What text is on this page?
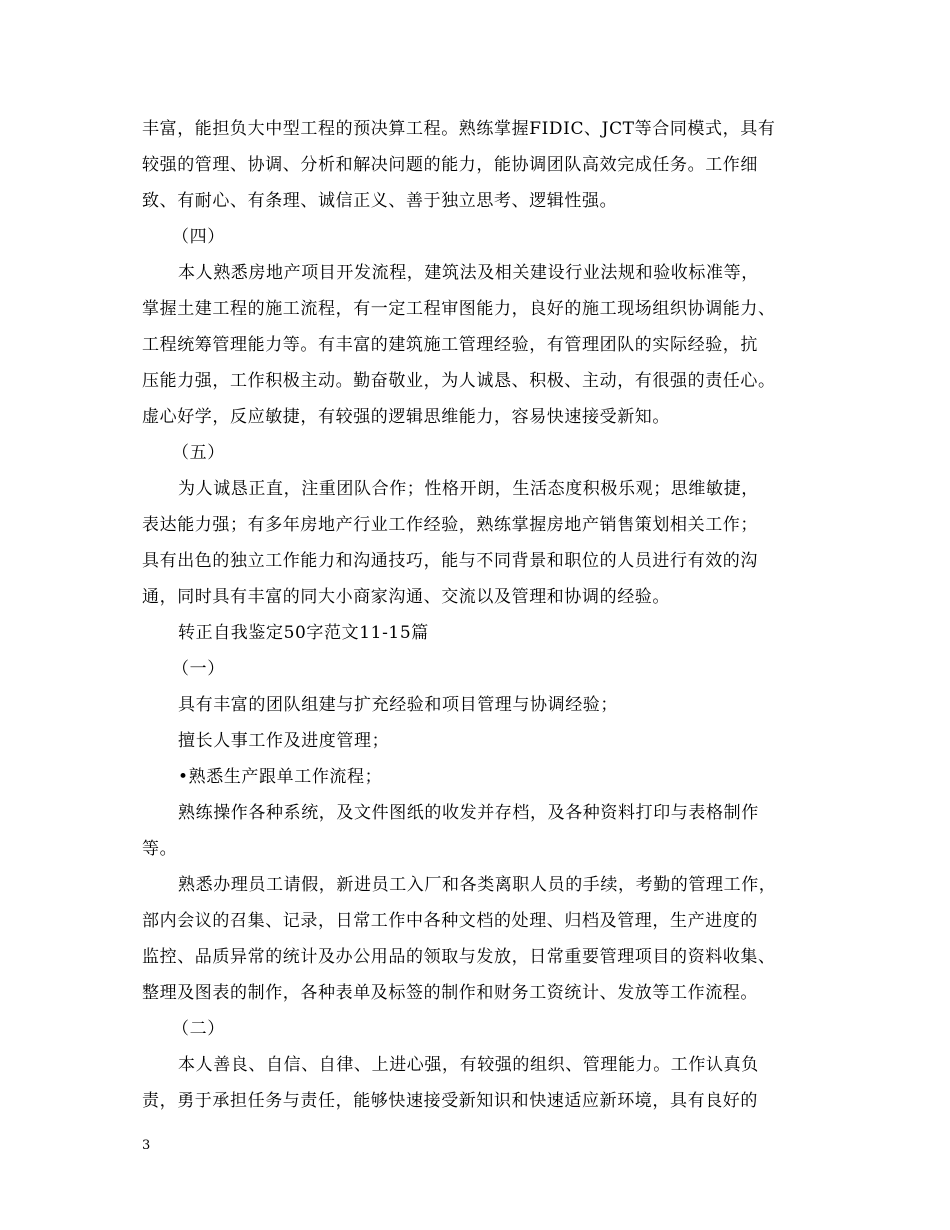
丰富，能担负大中型工程的预决算工程。熟练掌握FIDIC、JCT等合同模式，具有
较强的管理、协调、分析和解决问题的能力，能协调团队高效完成任务。工作细
致、有耐心、有条理、诚信正义、善于独立思考、逻辑性强。
（四）
本人熟悉房地产项目开发流程，建筑法及相关建设行业法规和验收标准等，
掌握土建工程的施工流程，有一定工程审图能力，良好的施工现场组织协调能力、
工程统筹管理能力等。有丰富的建筑施工管理经验，有管理团队的实际经验，抗
压能力强，工作积极主动。勤奋敬业，为人诚恳、积极、主动，有很强的责任心。
虚心好学，反应敏捷，有较强的逻辑思维能力，容易快速接受新知。
（五）
为人诚恳正直，注重团队合作；性格开朗，生活态度积极乐观；思维敏捷，
表达能力强；有多年房地产行业工作经验，熟练掌握房地产销售策划相关工作；
具有出色的独立工作能力和沟通技巧，能与不同背景和职位的人员进行有效的沟
通，同时具有丰富的同大小商家沟通、交流以及管理和协调的经验。
转正自我鉴定50字范文11-15篇
（一）
具有丰富的团队组建与扩充经验和项目管理与协调经验；
擅长人事工作及进度管理；
•熟悉生产跟单工作流程；
熟练操作各种系统，及文件图纸的收发并存档，及各种资料打印与表格制作
等。
熟悉办理员工请假，新进员工入厂和各类离职人员的手续，考勤的管理工作，
部内会议的召集、记录，日常工作中各种文档的处理、归档及管理，生产进度的
监控、品质异常的统计及办公用品的领取与发放，日常重要管理项目的资料收集、
整理及图表的制作，各种表单及标签的制作和财务工资统计、发放等工作流程。
（二）
本人善良、自信、自律、上进心强，有较强的组织、管理能力。工作认真负
责，勇于承担任务与责任，能够快速接受新知识和快速适应新环境，具有良好的
3
